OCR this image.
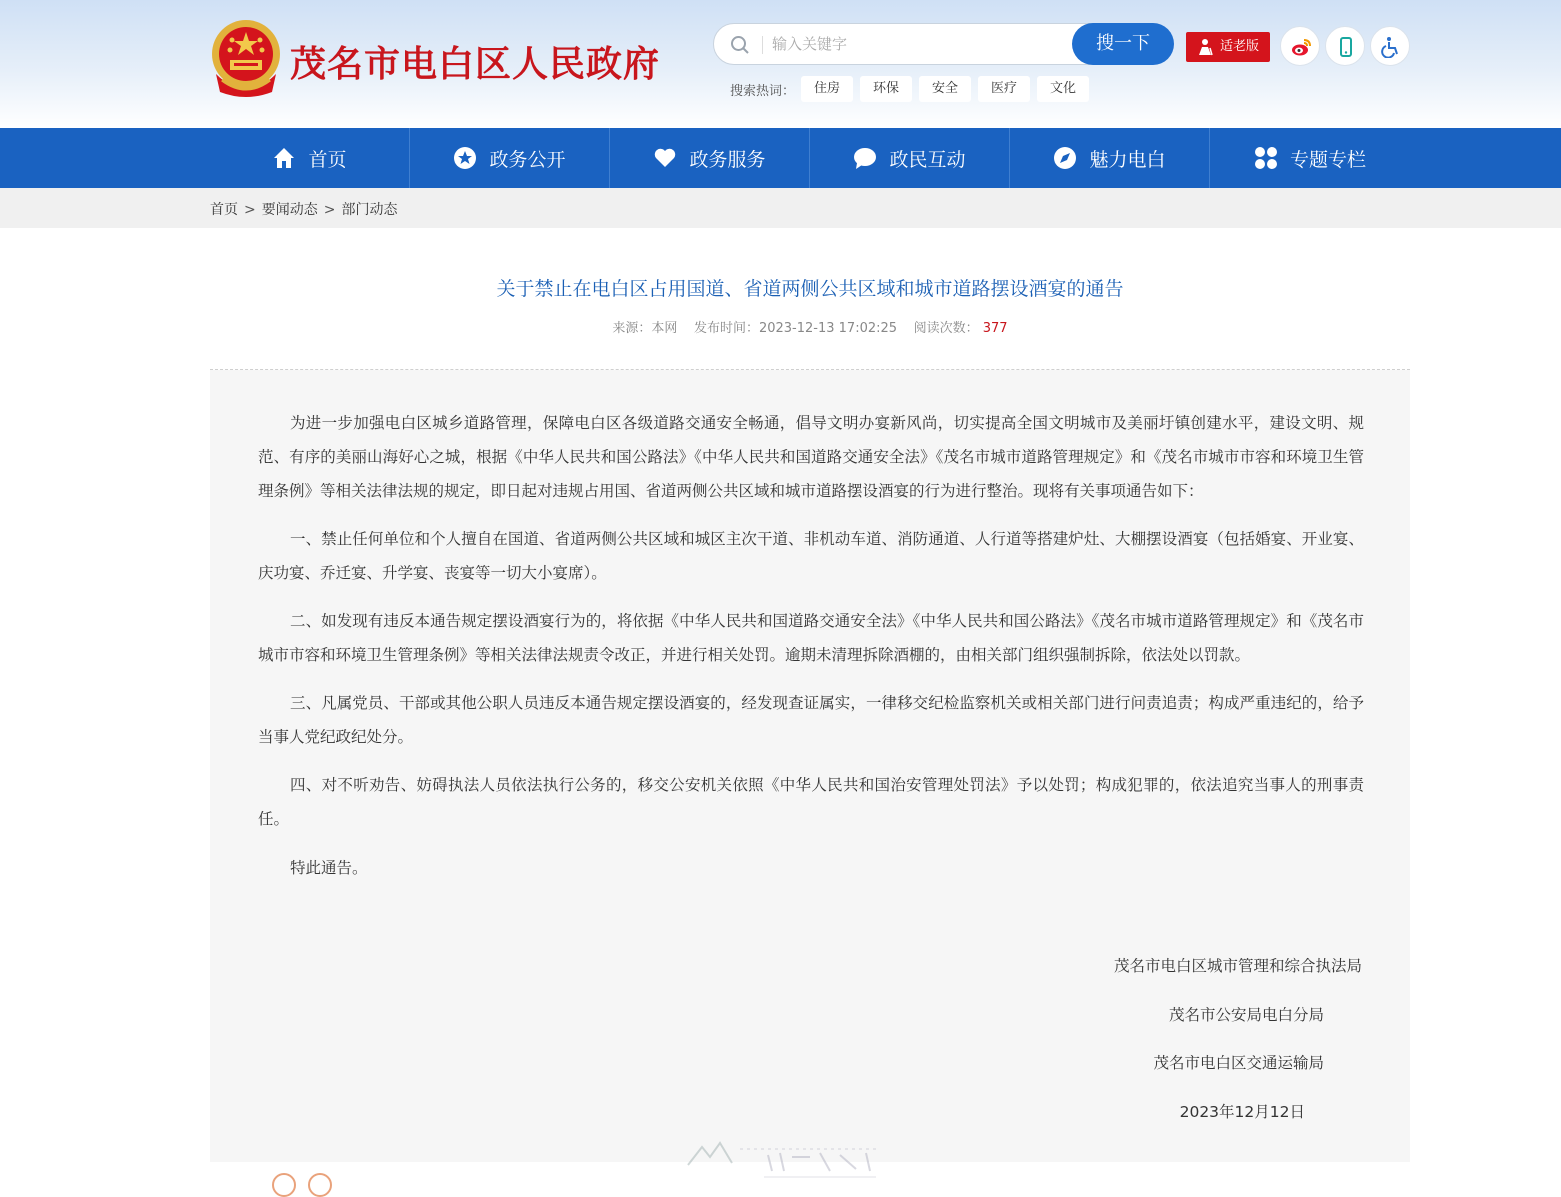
茂名市电白区人民政府
输入关键字
搜一下
搜索热词：	住房	环保	安全	医疗	文化
适老版
首页	政务公开	政务服务	政民互动	魅力电白	专题专栏
首页 > 要闻动态 > 部门动态
关于禁止在电白区占用国道、省道两侧公共区域和城市道路摆设酒宴的通告
来源：本网 发布时间：2023-12-13 17:02:25 阅读次数： 377

为进一步加强电白区城乡道路管理，保障电白区各级道路交通安全畅通，倡导文明办宴新风尚，切实提高全国文明城市及美丽圩镇创建水平，建设文明、规范、有序的美丽山海好心之城，根据《中华人民共和国公路法》《中华人民共和国道路交通安全法》《茂名市城市道路管理规定》和《茂名市城市市容和环境卫生管理条例》等相关法律法规的规定，即日起对违规占用国、省道两侧公共区域和城市道路摆设酒宴的行为进行整治。现将有关事项通告如下：

一、禁止任何单位和个人擅自在国道、省道两侧公共区域和城区主次干道、非机动车道、消防通道、人行道等搭建炉灶、大棚摆设酒宴（包括婚宴、开业宴、庆功宴、乔迁宴、升学宴、丧宴等一切大小宴席）。

二、如发现有违反本通告规定摆设酒宴行为的，将依据《中华人民共和国道路交通安全法》《中华人民共和国公路法》《茂名市城市道路管理规定》和《茂名市城市市容和环境卫生管理条例》等相关法律法规责令改正，并进行相关处罚。逾期未清理拆除酒棚的，由相关部门组织强制拆除，依法处以罚款。

三、凡属党员、干部或其他公职人员违反本通告规定摆设酒宴的，经发现查证属实，一律移交纪检监察机关或相关部门进行问责追责；构成严重违纪的，给予当事人党纪政纪处分。

四、对不听劝告、妨碍执法人员依法执行公务的，移交公安机关依照《中华人民共和国治安管理处罚法》予以处罚；构成犯罪的，依法追究当事人的刑事责任。

特此通告。

茂名市电白区城市管理和综合执法局
茂名市公安局电白分局
茂名市电白区交通运输局
2023年12月12日
